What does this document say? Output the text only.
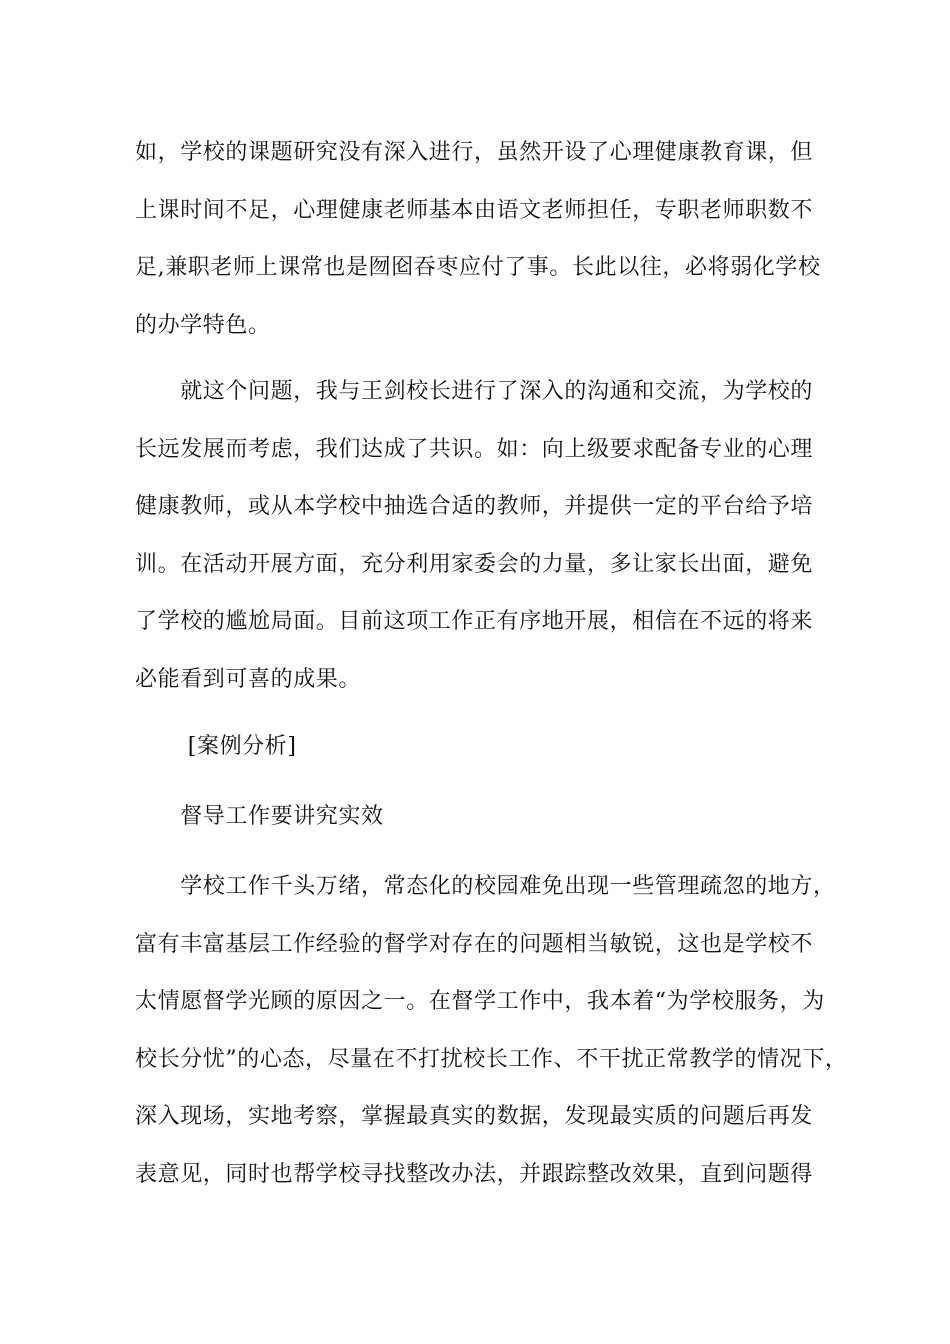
如，学校的课题研究没有深入进行，虽然开设了心理健康教育课，但
上课时间不足，心理健康老师基本由语文老师担任，专职老师职数不
足,兼职老师上课常也是囫囵吞枣应付了事。长此以往，必将弱化学校
的办学特色。
　　就这个问题，我与王剑校长进行了深入的沟通和交流，为学校的
长远发展而考虑，我们达成了共识。如：向上级要求配备专业的心理
健康教师，或从本学校中抽选合适的教师，并提供一定的平台给予培
训。在活动开展方面，充分利用家委会的力量，多让家长出面，避免
了学校的尴尬局面。目前这项工作正有序地开展，相信在不远的将来
必能看到可喜的成果。
　　 [案例分析]
　　督导工作要讲究实效
　　学校工作千头万绪，常态化的校园难免出现一些管理疏忽的地方，
富有丰富基层工作经验的督学对存在的问题相当敏锐，这也是学校不
太情愿督学光顾的原因之一。在督学工作中，我本着“为学校服务，为
校长分忧”的心态，尽量在不打扰校长工作、不干扰正常教学的情况下，
深入现场，实地考察，掌握最真实的数据，发现最实质的问题后再发
表意见，同时也帮学校寻找整改办法，并跟踪整改效果，直到问题得
